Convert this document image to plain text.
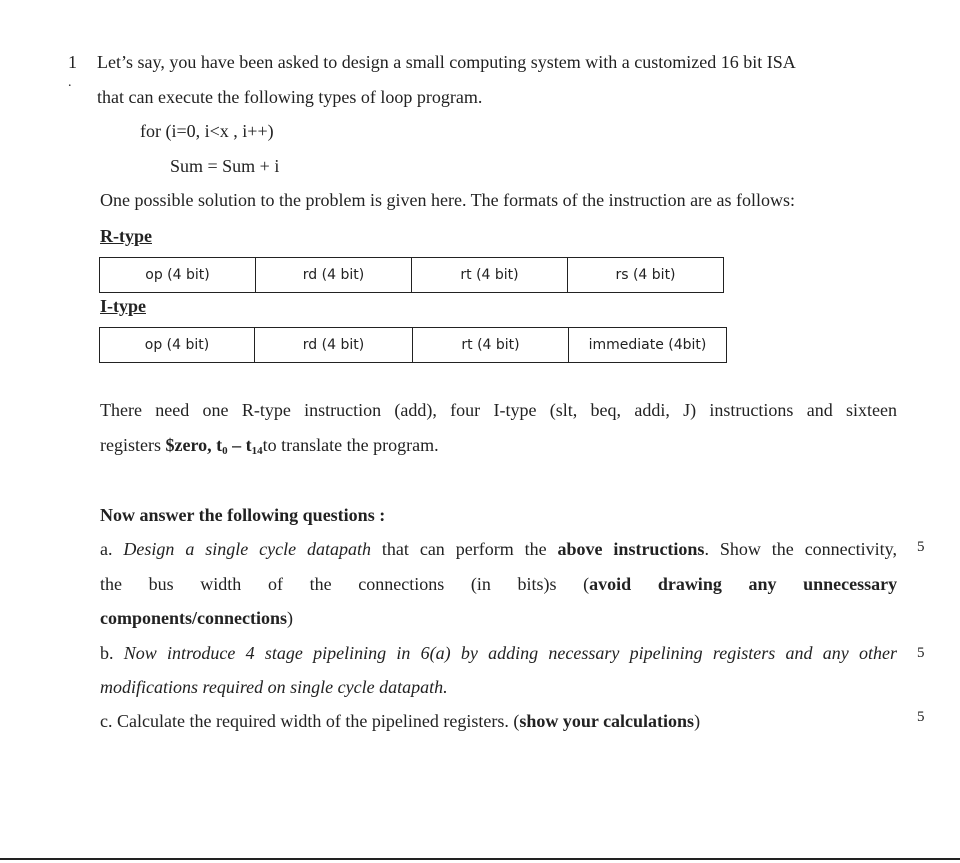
1
.
Let’s say, you have been asked to design a small computing system with a customized 16 bit ISA
that can execute the following types of loop program.
for (i=0, i<x , i++)
Sum = Sum + i
One possible solution to the problem is given here. The formats of the instruction are as follows:
R-type
op (4 bit)	rd (4 bit)	rt (4 bit)	rs (4 bit)
I-type
op (4 bit)	rd (4 bit)	rt (4 bit)	immediate (4bit)
There need one R-type instruction (add), four I-type (slt, beq, addi, J) instructions and sixteen
registers $zero, $t_0 - t_{14}to$ translate the program.
Now answer the following questions :
a. Design a single cycle datapath that can perform the above instructions. Show the connectivity, 5
the bus width of the connections (in bits)s (avoid drawing any unnecessary
components/connections)
b. Now introduce 4 stage pipelining in 6(a) by adding necessary pipelining registers and any other 5
modifications required on single cycle datapath.
c. Calculate the required width of the pipelined registers. (show your calculations)	5
